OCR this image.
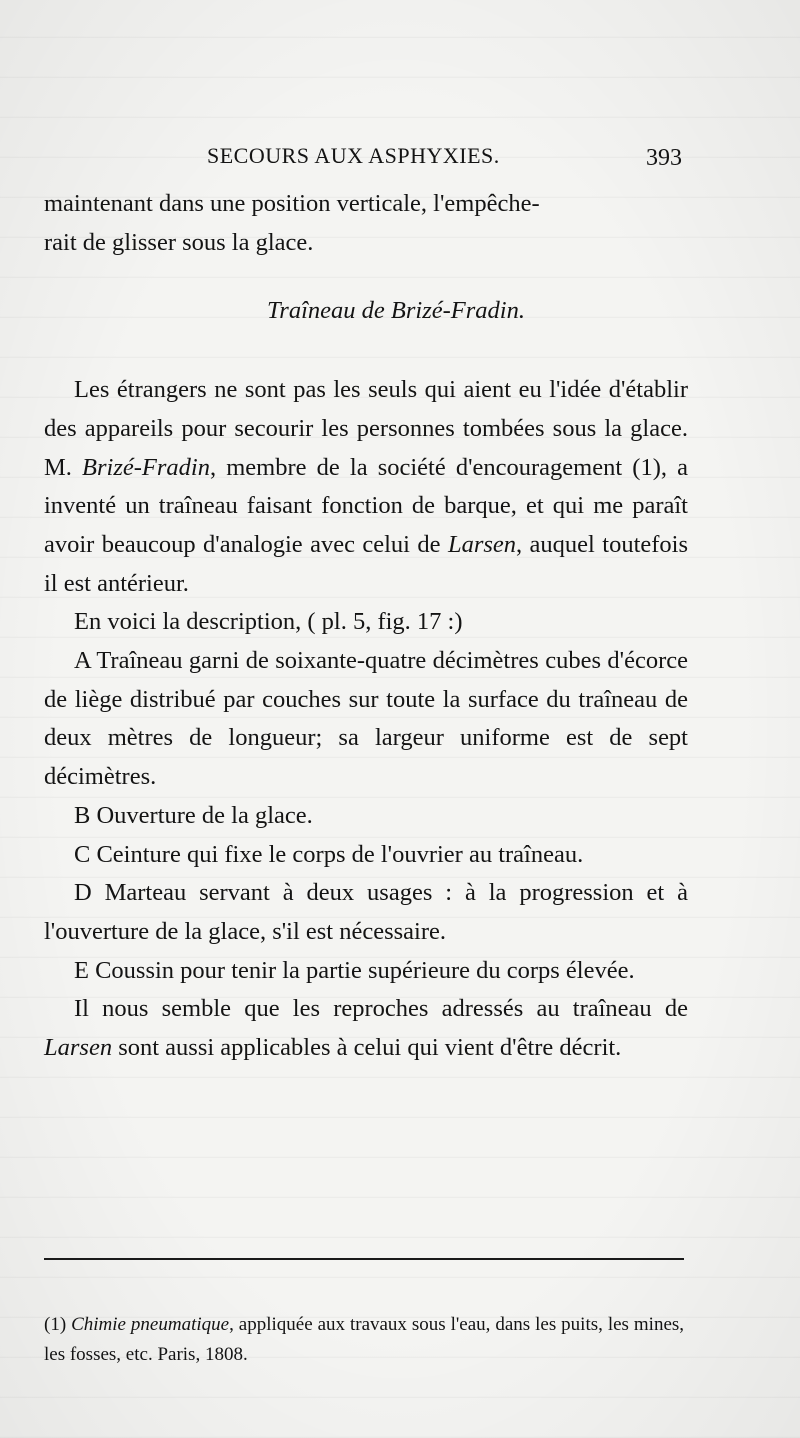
SECOURS AUX ASPHYXIES.	393

maintenant dans une position verticale, l'empêche-
rait de glisser sous la glace.

Traîneau de Brizé-Fradin.

Les étrangers ne sont pas les seuls qui aient eu l'idée d'établir des appareils pour secourir les personnes tombées sous la glace. M. Brizé-Fradin, membre de la société d'encouragement (1), a inventé un traîneau faisant fonction de barque, et qui me paraît avoir beaucoup d'analogie avec celui de Larsen, auquel toutefois il est antérieur.

En voici la description, ( pl. 5, fig. 17 :)

A Traîneau garni de soixante-quatre décimètres cubes d'écorce de liège distribué par couches sur toute la surface du traîneau de deux mètres de longueur; sa largeur uniforme est de sept décimètres.

B Ouverture de la glace.

C Ceinture qui fixe le corps de l'ouvrier au traîneau.

D Marteau servant à deux usages : à la progression et à l'ouverture de la glace, s'il est nécessaire.

E Coussin pour tenir la partie supérieure du corps élevée.

Il nous semble que les reproches adressés au traîneau de Larsen sont aussi applicables à celui qui vient d'être décrit.

(1) Chimie pneumatique, appliquée aux travaux sous l'eau, dans les puits, les mines, les fosses, etc. Paris, 1808.
